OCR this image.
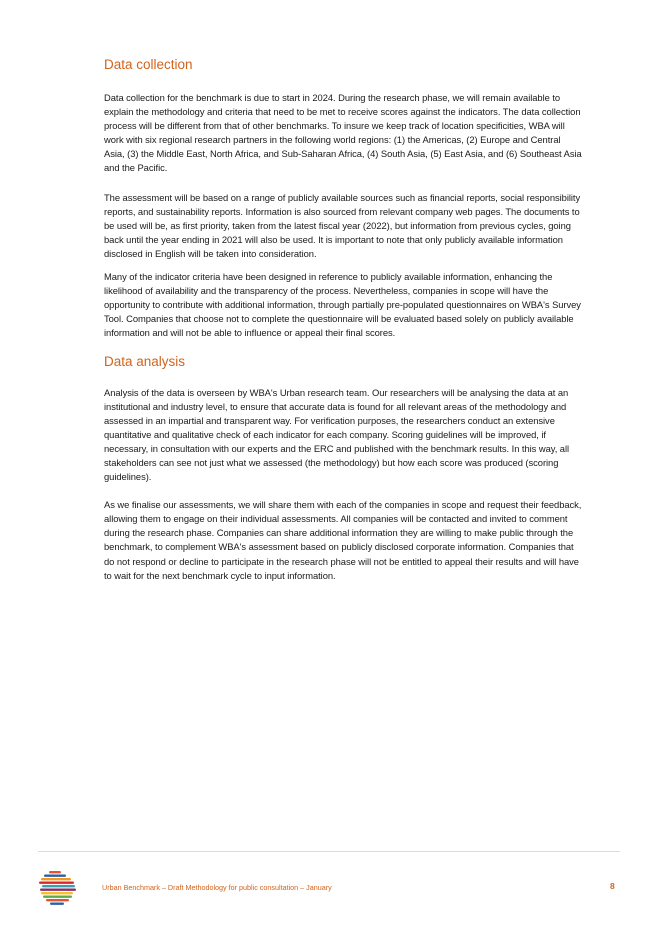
Data collection

Data collection for the benchmark is due to start in 2024. During the research phase, we will remain available to explain the methodology and criteria that need to be met to receive scores against the indicators. The data collection process will be different from that of other benchmarks. To insure we keep track of location specificities, WBA will work with six regional research partners in the following world regions: (1) the Americas, (2) Europe and Central Asia, (3) the Middle East, North Africa, and Sub-Saharan Africa, (4) South Asia, (5) East Asia, and (6) Southeast Asia and the Pacific.

The assessment will be based on a range of publicly available sources such as financial reports, social responsibility reports, and sustainability reports. Information is also sourced from relevant company web pages. The documents to be used will be, as first priority, taken from the latest fiscal year (2022), but information from previous cycles, going back until the year ending in 2021 will also be used. It is important to note that only publicly available information disclosed in English will be taken into consideration.

Many of the indicator criteria have been designed in reference to publicly available information, enhancing the likelihood of availability and the transparency of the process. Nevertheless, companies in scope will have the opportunity to contribute with additional information, through partially pre-populated questionnaires on WBA's Survey Tool. Companies that choose not to complete the questionnaire will be evaluated based solely on publicly available information and will not be able to influence or appeal their final scores.

Data analysis

Analysis of the data is overseen by WBA's Urban research team. Our researchers will be analysing the data at an institutional and industry level, to ensure that accurate data is found for all relevant areas of the methodology and assessed in an impartial and transparent way. For verification purposes, the researchers conduct an extensive quantitative and qualitative check of each indicator for each company. Scoring guidelines will be improved, if necessary, in consultation with our experts and the ERC and published with the benchmark results. In this way, all stakeholders can see not just what we assessed (the methodology) but how each score was produced (scoring guidelines).

As we finalise our assessments, we will share them with each of the companies in scope and request their feedback, allowing them to engage on their individual assessments. All companies will be contacted and invited to comment during the research phase. Companies can share additional information they are willing to make public through the benchmark, to complement WBA's assessment based on publicly disclosed corporate information. Companies that do not respond or decline to participate in the research phase will not be entitled to appeal their results and will have to wait for the next benchmark cycle to input information.

Urban Benchmark – Draft Methodology for public consultation – January	8
